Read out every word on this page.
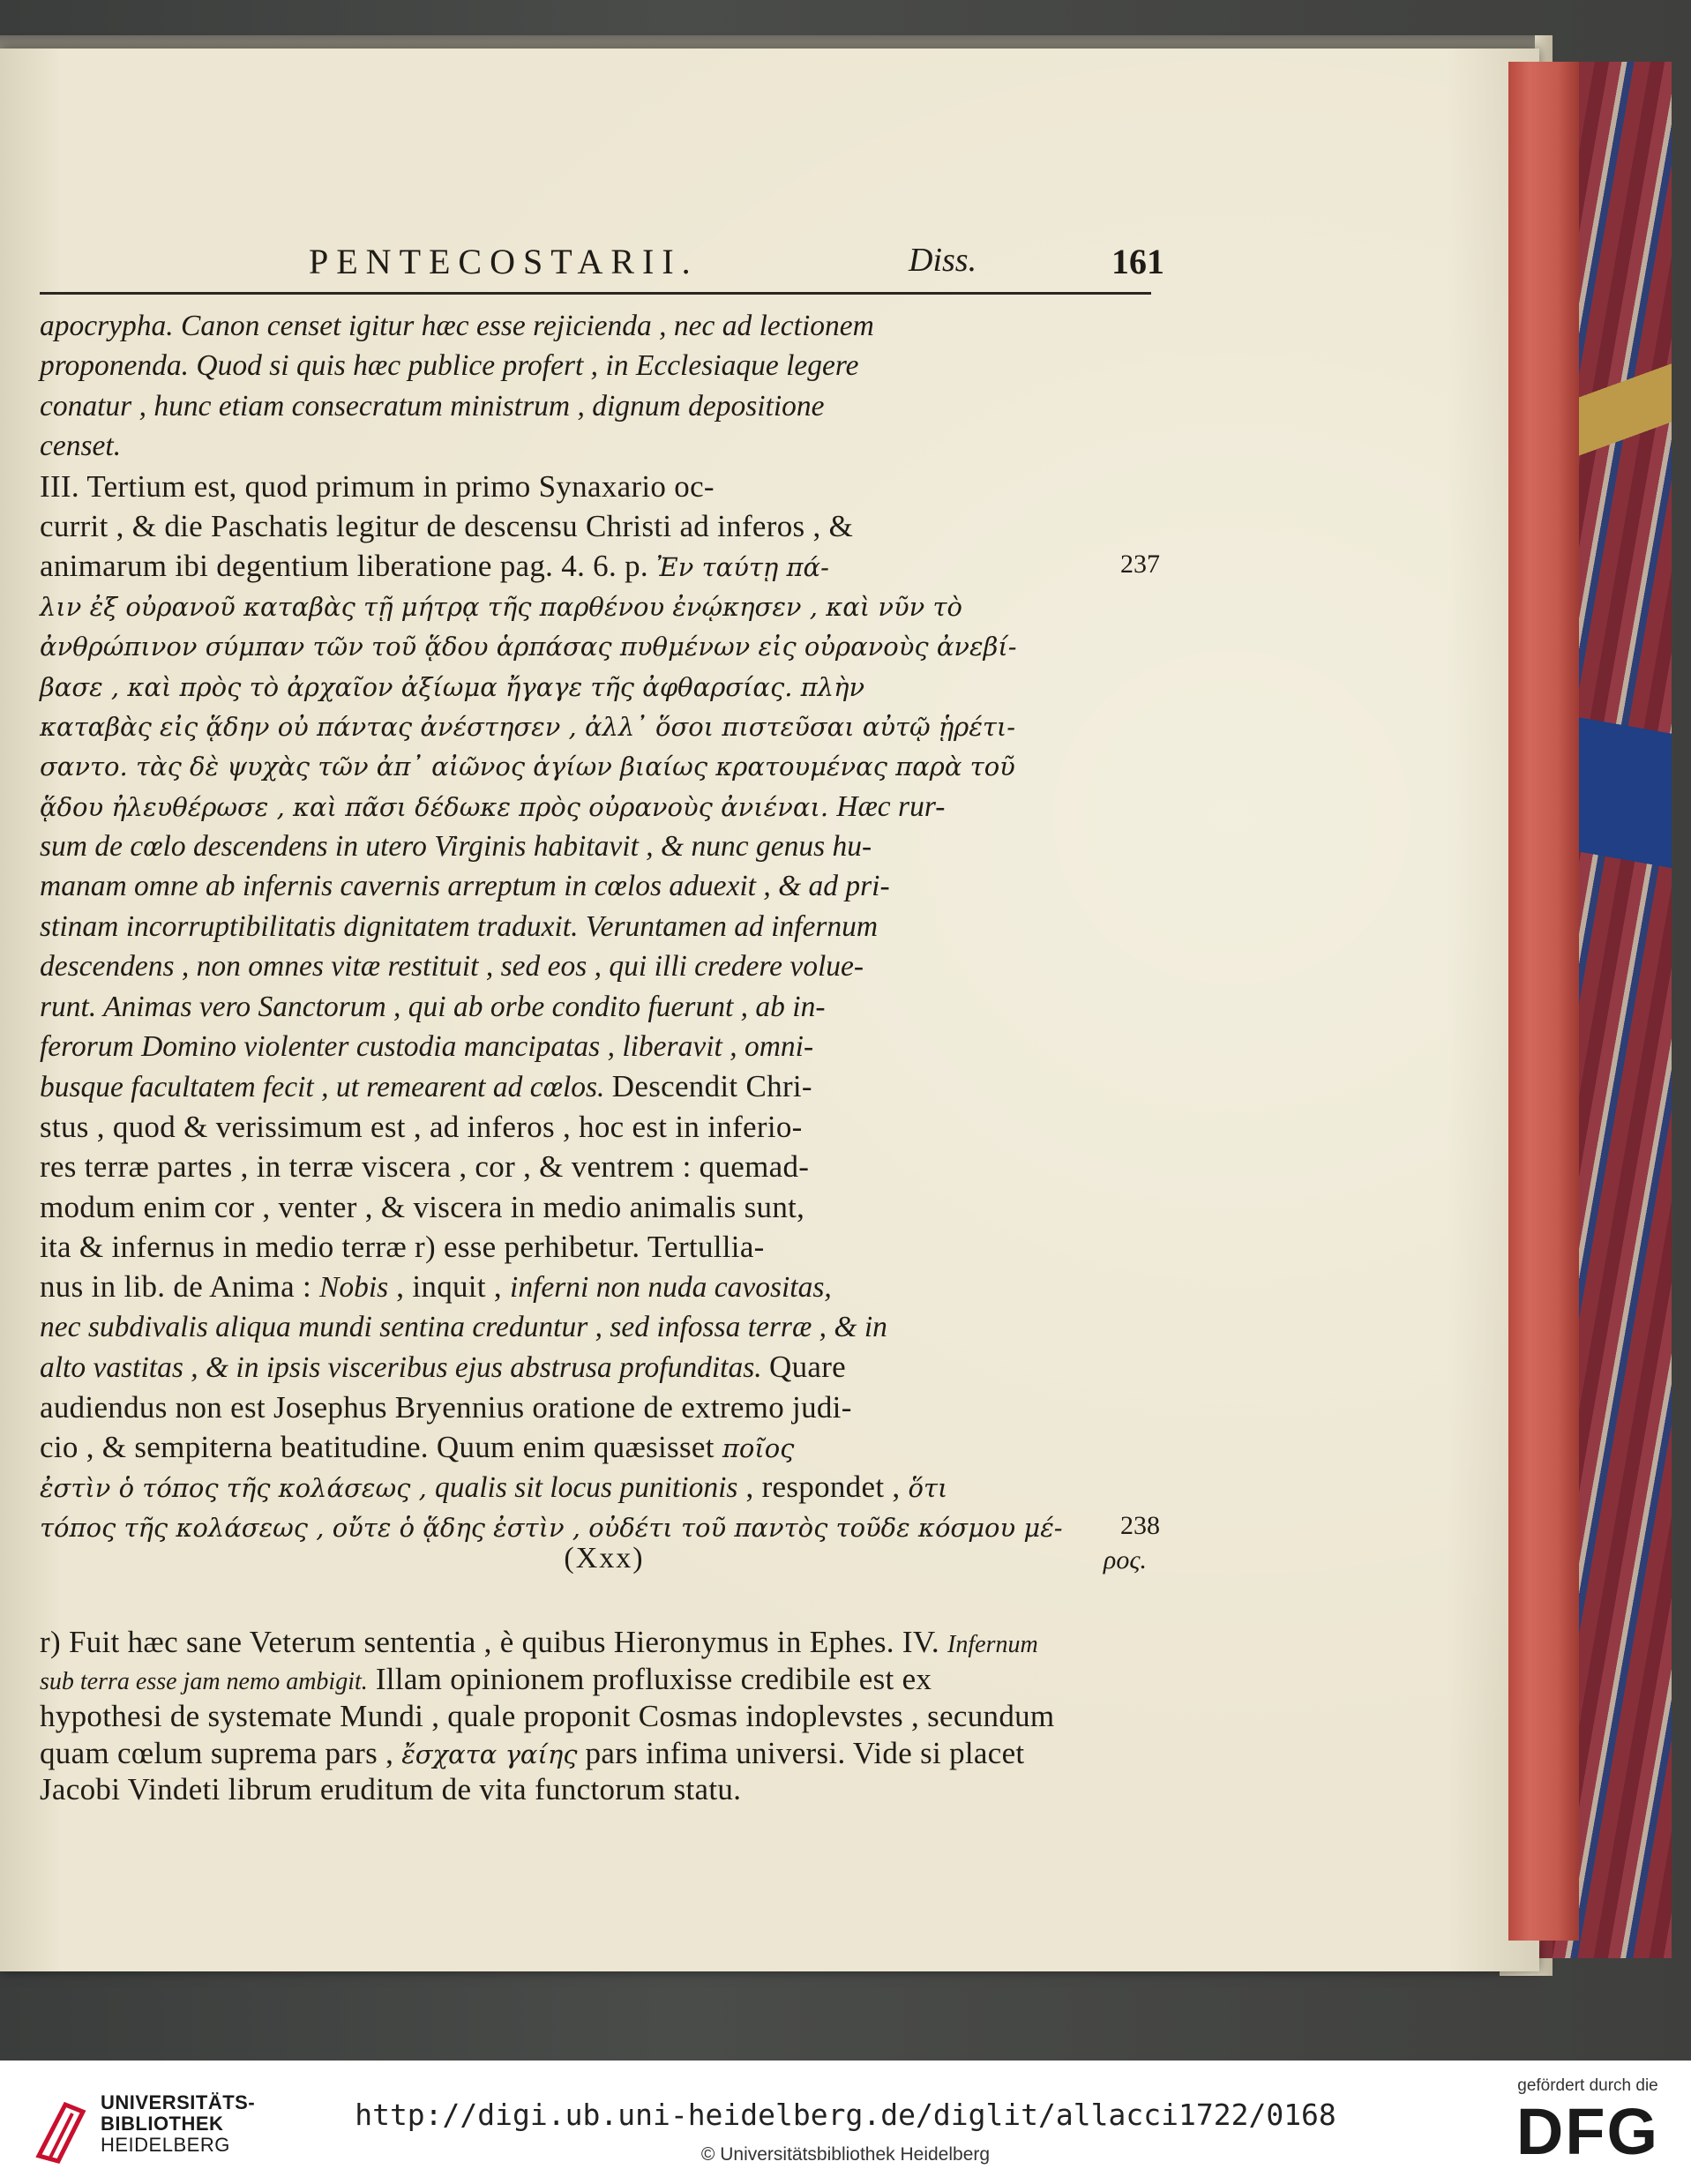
PENTECOSTARII.	Diss.	161
apocrypha. Canon censet igitur hæc esse rejicienda , nec ad lectionem
proponenda. Quod si quis hæc publice profert , in Ecclesiaque legere
conatur , hunc etiam consecratum ministrum , dignum depositione
censet.
III. Tertium est, quod primum in primo Synaxario oc-
currit , & die Paschatis legitur de descensu Christi ad inferos , &
animarum ibi degentium liberatione pag. 4. 6. p. Ἐν ταύτῃ πά-
λιν ἐξ οὐρανοῦ καταβὰς τῇ μήτρᾳ τῆς παρθένου ἐνῴκησεν , καὶ νῦν τὸ
ἀνθρώπινον σύμπαν τῶν τοῦ ᾅδου ἁρπάσας πυθμένων εἰς οὐρανοὺς ἀνεβί-
βασε , καὶ πρὸς τὸ ἀρχαῖον ἀξίωμα ἤγαγε τῆς ἀφθαρσίας. πλὴν
καταβὰς εἰς ᾅδην οὐ πάντας ἀνέστησεν , ἀλλ᾽ ὅσοι πιστεῦσαι αὐτῷ ᾑρέτι-
σαντο. τὰς δὲ ψυχὰς τῶν ἀπ᾽ αἰῶνος ἁγίων βιαίως κρατουμένας παρὰ τοῦ
ᾅδου ἠλευθέρωσε , καὶ πᾶσι δέδωκε πρὸς οὐρανοὺς ἀνιέναι. Hæc rur-
sum de cœlo descendens in utero Virginis habitavit , & nunc genus hu-
manam omne ab infernis cavernis arreptum in cœlos aduexit , & ad pri-
stinam incorruptibilitatis dignitatem traduxit. Veruntamen ad infernum
descendens , non omnes vitæ restituit , sed eos , qui illi credere volue-
runt. Animas vero Sanctorum , qui ab orbe condito fuerunt , ab in-
ferorum Domino violenter custodia mancipatas , liberavit , omni-
busque facultatem fecit , ut remearent ad cœlos. Descendit Chri-
stus , quod & verissimum est , ad inferos , hoc est in inferio-
res terræ partes , in terræ viscera , cor , & ventrem : quemad-
modum enim cor , venter , & viscera in medio animalis sunt,
ita & infernus in medio terræ r) esse perhibetur. Tertullia-
nus in lib. de Anima : Nobis , inquit , inferni non nuda cavositas,
nec subdivalis aliqua mundi sentina creduntur , sed infossa terræ , & in
alto vastitas , & in ipsis visceribus ejus abstrusa profunditas. Quare
audiendus non est Josephus Bryennius oratione de extremo judi-
cio , & sempiterna beatitudine. Quum enim quæsisset ποῖος
ἐστὶν ὁ τόπος τῆς κολάσεως , qualis sit locus punitionis , respondet , ὅτι
τόπος τῆς κολάσεως , οὔτε ὁ ᾅδης ἐστὶν , οὐδέτι τοῦ παντὸς τοῦδε κόσμου μέ-
(Xxx)	ρος.
237
238
r) Fuit hæc sane Veterum sententia , è quibus Hieronymus in Ephes. IV. Infernum
sub terra esse jam nemo ambigit. Illam opinionem profluxisse credibile est ex
hypothesi de systemate Mundi , quale proponit Cosmas indoplevstes , secundum
quam cœlum suprema pars , ἔσχατα γαίης pars infima universi. Vide si placet
Jacobi Vindeti librum eruditum de vita functorum statu.
UNIVERSITÄTS-
BIBLIOTHEK
HEIDELBERG
http://digi.ub.uni-heidelberg.de/diglit/allacci1722/0168
© Universitätsbibliothek Heidelberg
gefördert durch die
DFG
